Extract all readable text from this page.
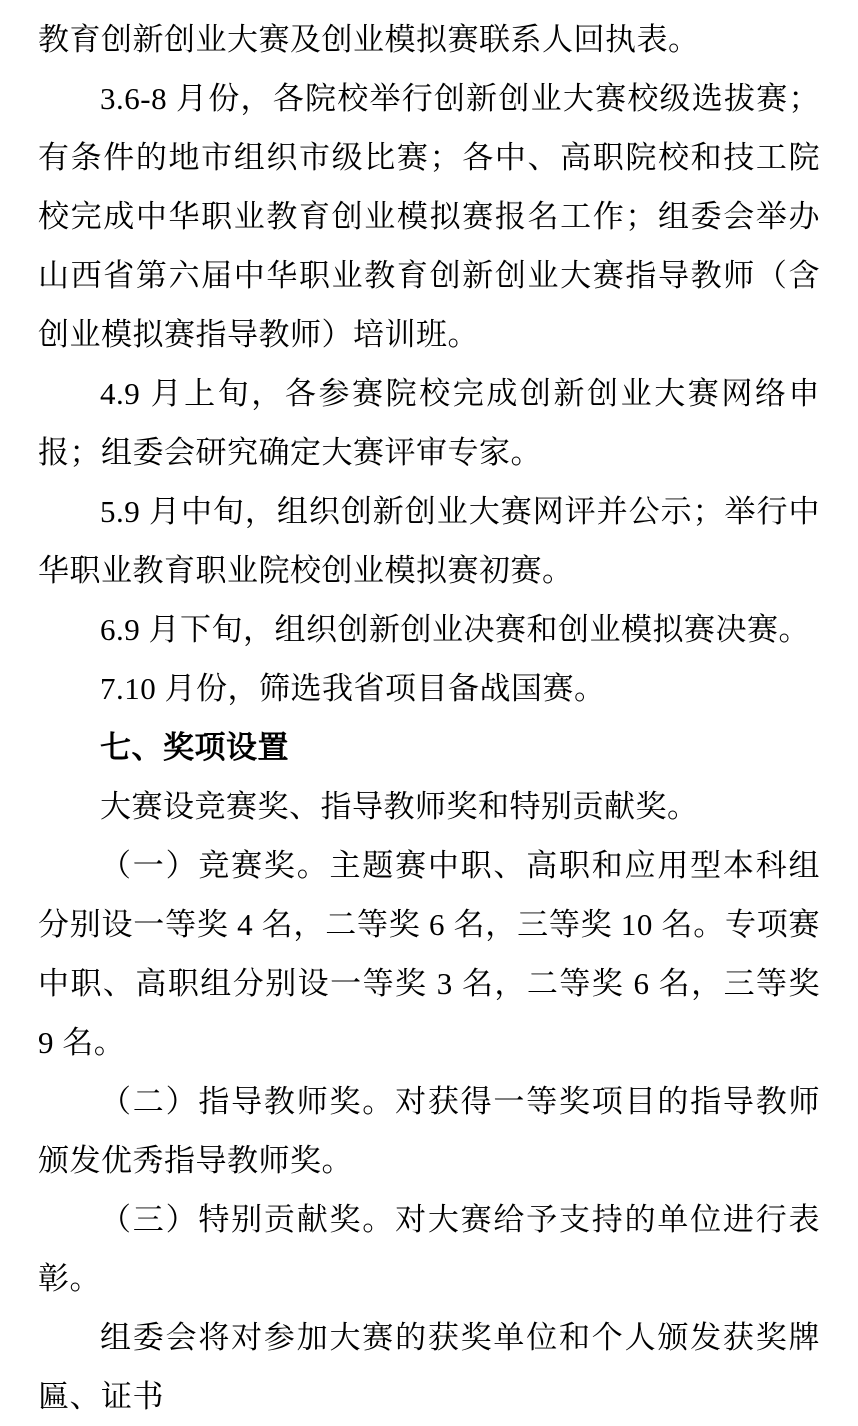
教育创新创业大赛及创业模拟赛联系人回执表。

3.6-8 月份，各院校举行创新创业大赛校级选拔赛；有条件的地市组织市级比赛；各中、高职院校和技工院校完成中华职业教育创业模拟赛报名工作；组委会举办山西省第六届中华职业教育创新创业大赛指导教师（含创业模拟赛指导教师）培训班。

4.9 月上旬，各参赛院校完成创新创业大赛网络申报；组委会研究确定大赛评审专家。

5.9 月中旬，组织创新创业大赛网评并公示；举行中华职业教育职业院校创业模拟赛初赛。

6.9 月下旬，组织创新创业决赛和创业模拟赛决赛。

7.10 月份，筛选我省项目备战国赛。

七、奖项设置

大赛设竞赛奖、指导教师奖和特别贡献奖。

（一）竞赛奖。主题赛中职、高职和应用型本科组分别设一等奖 4 名，二等奖 6 名，三等奖 10 名。专项赛中职、高职组分别设一等奖 3 名，二等奖 6 名，三等奖 9 名。

（二）指导教师奖。对获得一等奖项目的指导教师颁发优秀指导教师奖。

（三）特别贡献奖。对大赛给予支持的单位进行表彰。

组委会将对参加大赛的获奖单位和个人颁发获奖牌匾、证书
